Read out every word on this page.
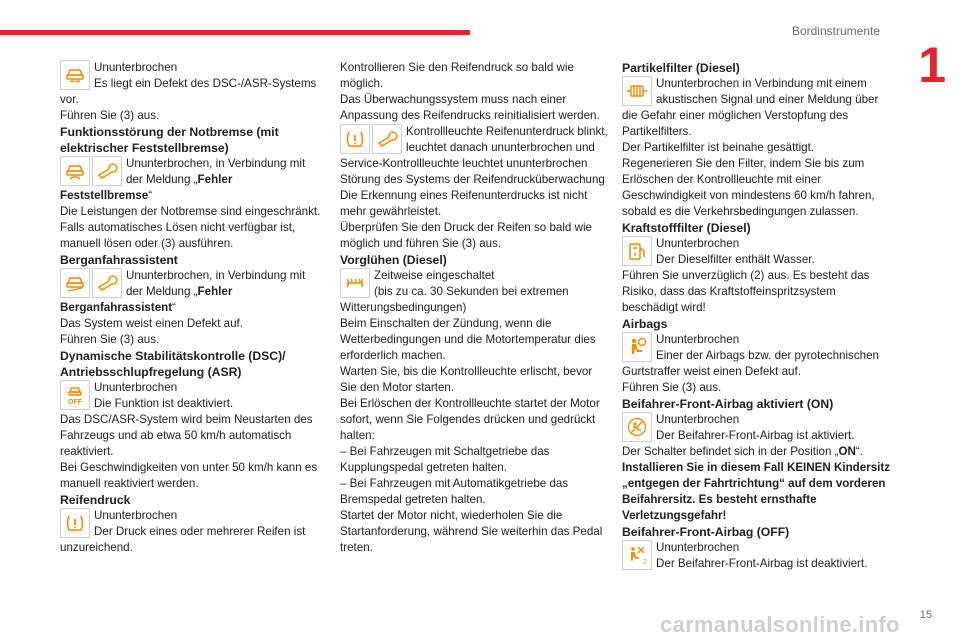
Bordinstrumente
1

Ununterbrochen

Es liegt ein Defekt des DSC-/ASR-Systems vor.

Führen Sie (3) aus.

Funktionsstörung der Notbremse (mit elektrischer Feststellbremse)

Ununterbrochen, in Verbindung mit der Meldung „Fehler Feststellbremse“

Die Leistungen der Notbremse sind eingeschränkt.

Falls automatisches Lösen nicht verfügbar ist, manuell lösen oder (3) ausführen.

Berganfahrassistent

Ununterbrochen, in Verbindung mit der Meldung „Fehler Berganfahrassistent“

Das System weist einen Defekt auf.

Führen Sie (3) aus.

Dynamische Stabilitätskontrolle (DSC)/ Antriebsschlupfregelung (ASR)

OFF

Ununterbrochen

Die Funktion ist deaktiviert.

Das DSC/ASR-System wird beim Neustarten des Fahrzeugs und ab etwa 50 km/h automatisch reaktiviert.

Bei Geschwindigkeiten von unter 50 km/h kann es manuell reaktiviert werden.

Reifendruck

Ununterbrochen

Der Druck eines oder mehrerer Reifen ist unzureichend.

Kontrollieren Sie den Reifendruck so bald wie möglich.

Das Überwachungssystem muss nach einer Anpassung des Reifendrucks reinitialisiert werden.

Kontrollleuchte Reifenunterdruck blinkt, leuchtet danach ununterbrochen und Service-Kontrollleuchte leuchtet ununterbrochen

Störung des Systems der Reifendrucküberwachung

Die Erkennung eines Reifenunterdrucks ist nicht mehr gewährleistet.

Überprüfen Sie den Druck der Reifen so bald wie möglich und führen Sie (3) aus.

Vorglühen (Diesel)

Zeitweise eingeschaltet

(bis zu ca. 30 Sekunden bei extremen Witterungsbedingungen)

Beim Einschalten der Zündung, wenn die Wetterbedingungen und die Motortemperatur dies erforderlich machen.

Warten Sie, bis die Kontrollleuchte erlischt, bevor Sie den Motor starten.

Bei Erlöschen der Kontrollleuchte startet der Motor sofort, wenn Sie Folgendes drücken und gedrückt halten:

– Bei Fahrzeugen mit Schaltgetriebe das Kupplungspedal getreten halten.

– Bei Fahrzeugen mit Automatikgetriebe das Bremspedal getreten halten.

Startet der Motor nicht, wiederholen Sie die Startanforderung, während Sie weiterhin das Pedal treten.

Partikelfilter (Diesel)

Ununterbrochen in Verbindung mit einem akustischen Signal und einer Meldung über die Gefahr einer möglichen Verstopfung des Partikelfilters.

Der Partikelfilter ist beinahe gesättigt.

Regenerieren Sie den Filter, indem Sie bis zum Erlöschen der Kontrollleuchte mit einer Geschwindigkeit von mindestens 60 km/h fahren, sobald es die Verkehrsbedingungen zulassen.

Kraftstofffilter (Diesel)

Ununterbrochen

Der Dieselfilter enthält Wasser.

Führen Sie unverzüglich (2) aus. Es besteht das Risiko, dass das Kraftstoffeinspritzsystem beschädigt wird!

Airbags

Ununterbrochen

Einer der Airbags bzw. der pyrotechnischen Gurtstraffer weist einen Defekt auf.

Führen Sie (3) aus.

Beifahrer-Front-Airbag aktiviert (ON)

Ununterbrochen

Der Beifahrer-Front-Airbag ist aktiviert.

Der Schalter befindet sich in der Position „ON“.

Installieren Sie in diesem Fall KEINEN Kindersitz „entgegen der Fahrtrichtung“ auf dem vorderen Beifahrersitz. Es besteht ernsthafte Verletzungsgefahr!

Beifahrer-Front-Airbag (OFF)

2

Ununterbrochen

Der Beifahrer-Front-Airbag ist deaktiviert.

carmanualsonline.info 15
